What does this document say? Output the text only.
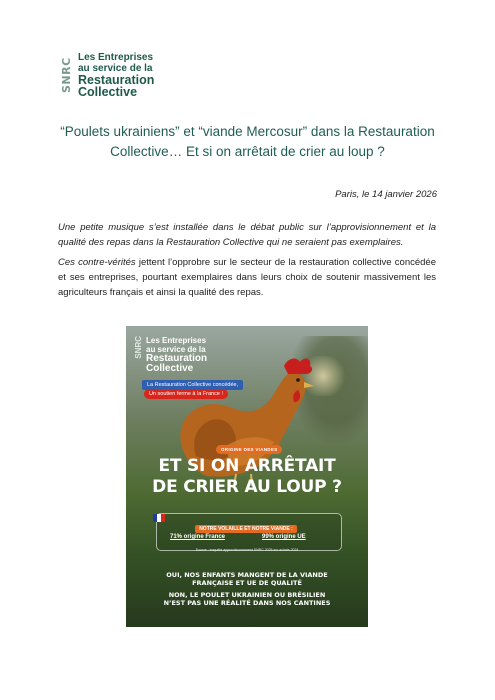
SNRC Les Entreprises
au service de la
Restauration
Collective
“Poulets ukrainiens” et “viande Mercosur” dans la Restauration
Collective… Et si on arrêtait de crier au loup ?
Paris, le 14 janvier 2026
Une petite musique s’est installée dans le débat public sur l’approvisionnement et la qualité des repas dans la Restauration Collective qui ne seraient pas exemplaires.
Ces contre-vérités jettent l’opprobre sur le secteur de la restauration collective concédée et ses entreprises, pourtant exemplaires dans leurs choix de soutenir massivement les agriculteurs français et ainsi la qualité des repas.
SNRC Les Entreprises
au service de la
Restauration
Collective
La Restauration Collective concédée,
Un soutien ferme à la France !
ORIGINE DES VIANDES
ET SI ON ARRÊTAIT
DE CRIER AU LOUP ?
NOTRE VOLAILLE ET NOTRE VIANDE :
71% origine France	99% origine UE
Source : enquête approvisionnement SNRC 2025 sur achats 2024
OUI, NOS ENFANTS MANGENT DE LA VIANDE
FRANÇAISE ET UE DE QUALITÉ
NON, LE POULET UKRAINIEN OU BRÉSILIEN
N’EST PAS UNE RÉALITÉ DANS NOS CANTINES
